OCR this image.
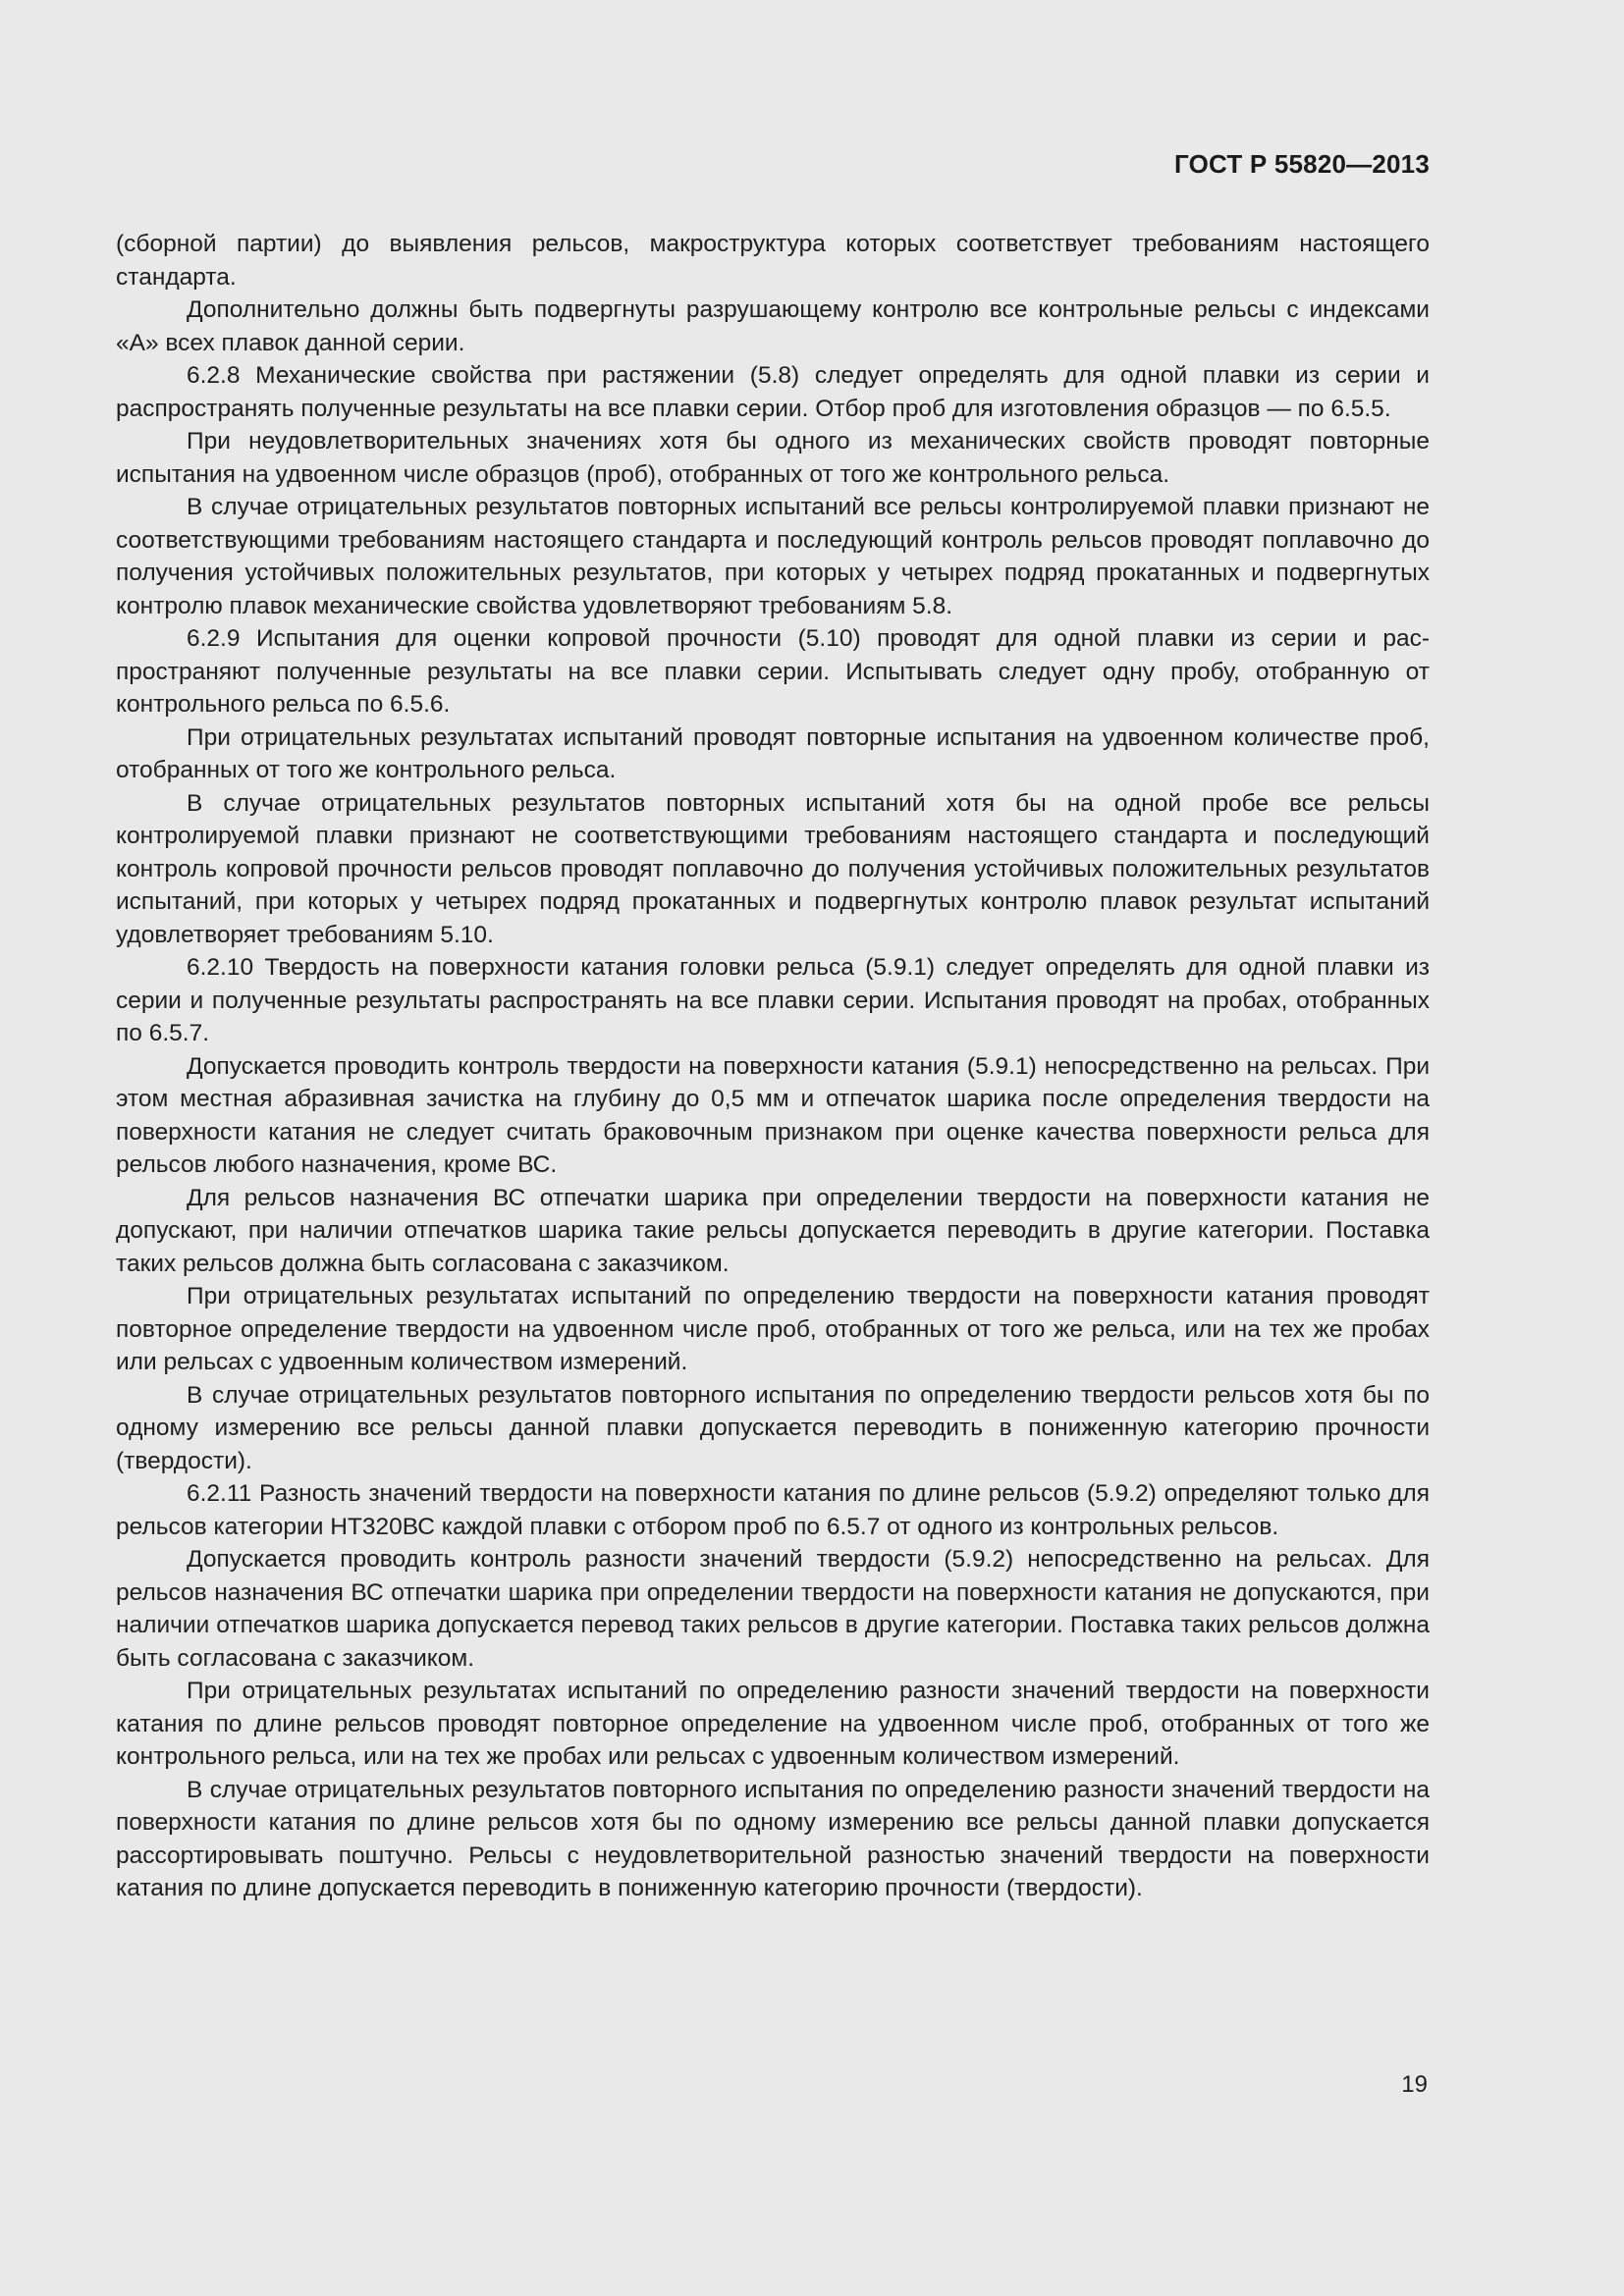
ГОСТ Р 55820—2013

(сборной партии) до выявления рельсов, макроструктура которых соответствует требованиям настоящего стандарта.

Дополнительно должны быть подвергнуты разрушающему контролю все контрольные рельсы с индексами «А» всех плавок данной серии.

6.2.8 Механические свойства при растяжении (5.8) следует определять для одной плавки из серии и распространять полученные результаты на все плавки серии. Отбор проб для изготовления образцов — по 6.5.5.

При неудовлетворительных значениях хотя бы одного из механических свойств проводят повторные испытания на удвоенном числе образцов (проб), отобранных от того же контрольного рельса.

В случае отрицательных результатов повторных испытаний все рельсы контролируемой плавки признают не соответствующими требованиям настоящего стандарта и последующий контроль рельсов проводят поплавочно до получения устойчивых положительных результатов, при которых у четырех подряд прокатанных и подвергнутых контролю плавок механические свойства удовлетворяют требованиям 5.8.

6.2.9 Испытания для оценки копровой прочности (5.10) проводят для одной плавки из серии и распространяют полученные результаты на все плавки серии. Испытывать следует одну пробу, отобранную от контрольного рельса по 6.5.6.

При отрицательных результатах испытаний проводят повторные испытания на удвоенном количестве проб, отобранных от того же контрольного рельса.

В случае отрицательных результатов повторных испытаний хотя бы на одной пробе все рельсы контролируемой плавки признают не соответствующими требованиям настоящего стандарта и последующий контроль копровой прочности рельсов проводят поплавочно до получения устойчивых положительных результатов испытаний, при которых у четырех подряд прокатанных и подвергнутых контролю плавок результат испытаний удовлетворяет требованиям 5.10.

6.2.10 Твердость на поверхности катания головки рельса (5.9.1) следует определять для одной плавки из серии и полученные результаты распространять на все плавки серии. Испытания проводят на пробах, отобранных по 6.5.7.

Допускается проводить контроль твердости на поверхности катания (5.9.1) непосредственно на рельсах. При этом местная абразивная зачистка на глубину до 0,5 мм и отпечаток шарика после определения твердости на поверхности катания не следует считать браковочным признаком при оценке качества поверхности рельса для рельсов любого назначения, кроме ВС.

Для рельсов назначения ВС отпечатки шарика при определении твердости на поверхности катания не допускают, при наличии отпечатков шарика такие рельсы допускается переводить в другие категории. Поставка таких рельсов должна быть согласована с заказчиком.

При отрицательных результатах испытаний по определению твердости на поверхности катания проводят повторное определение твердости на удвоенном числе проб, отобранных от того же рельса, или на тех же пробах или рельсах с удвоенным количеством измерений.

В случае отрицательных результатов повторного испытания по определению твердости рельсов хотя бы по одному измерению все рельсы данной плавки допускается переводить в пониженную категорию прочности (твердости).

6.2.11 Разность значений твердости на поверхности катания по длине рельсов (5.9.2) определяют только для рельсов категории НТ320ВС каждой плавки с отбором проб по 6.5.7 от одного из контрольных рельсов.

Допускается проводить контроль разности значений твердости (5.9.2) непосредственно на рельсах. Для рельсов назначения ВС отпечатки шарика при определении твердости на поверхности катания не допускаются, при наличии отпечатков шарика допускается перевод таких рельсов в другие категории. Поставка таких рельсов должна быть согласована с заказчиком.

При отрицательных результатах испытаний по определению разности значений твердости на поверхности катания по длине рельсов проводят повторное определение на удвоенном числе проб, отобранных от того же контрольного рельса, или на тех же пробах или рельсах с удвоенным количеством измерений.

В случае отрицательных результатов повторного испытания по определению разности значений твердости на поверхности катания по длине рельсов хотя бы по одному измерению все рельсы данной плавки допускается рассортировывать поштучно. Рельсы с неудовлетворительной разностью значений твердости на поверхности катания по длине допускается переводить в пониженную категорию прочности (твердости).

19
